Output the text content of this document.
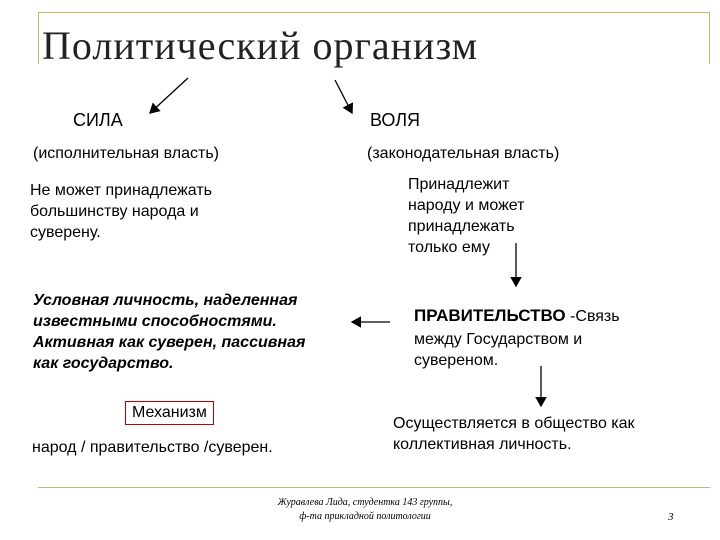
Политический организм
СИЛА
(исполнительная власть)
Не может принадлежать
большинству народа и
суверену.
Условная личность, наделенная
известными способностями.
Активная как суверен, пассивная
как государство.
Механизм
народ / правительство /суверен.
ВОЛЯ
(законодательная власть)
Принадлежит
народу и может
принадлежать
только ему
ПРАВИТЕЛЬСТВО -Связь
между Государством и
сувереном.
Осуществляется в общество как
коллективная личность.
Журавлева Лида, студентка 143 группы,
ф-та прикладной политологии	3
